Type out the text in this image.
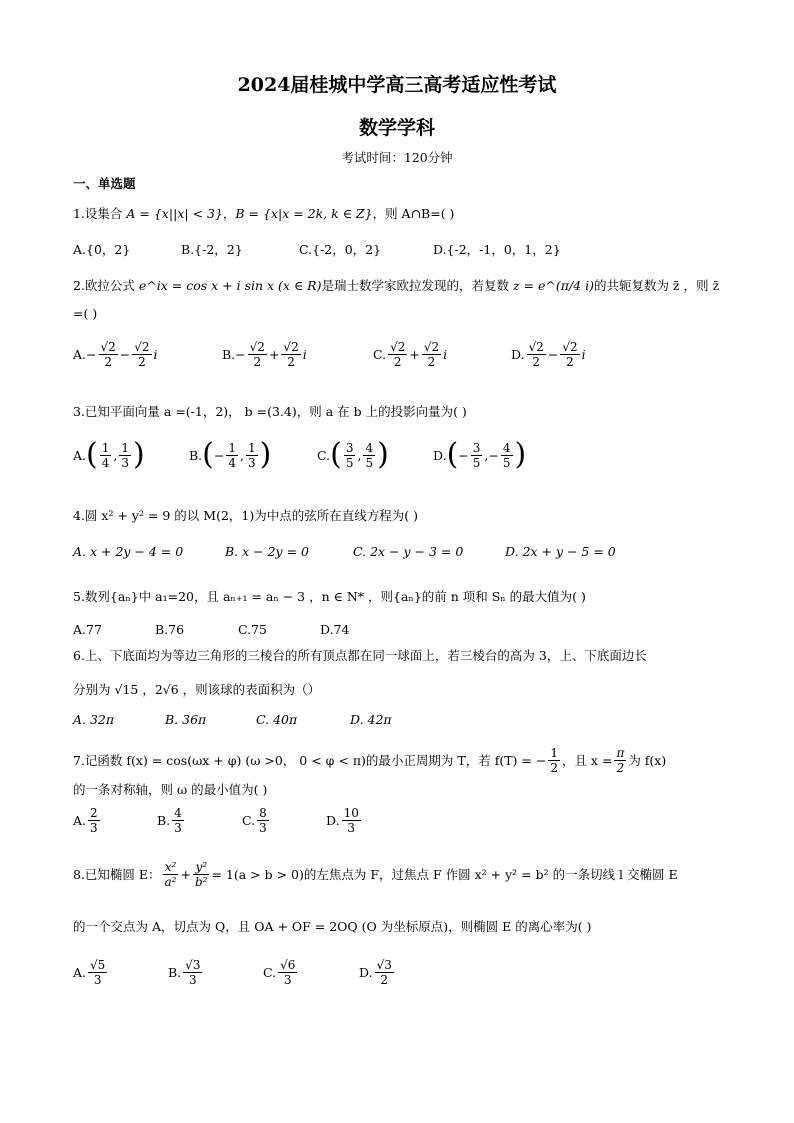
2024届桂城中学高三高考适应性考试
数学学科
考试时间：120分钟
一、单选题
1.设集合 A = {x||x| < 3}，B = {x|x = 2k, k ∈ Z}，则 A∩B=( )
A.{0，2}	B.{-2，2}	C.{-2，0，2}	D.{-2，-1，0，1，2}
2.欧拉公式 e^ix = cos x + i sin x (x ∈ R)是瑞士数学家欧拉发现的，若复数 z = e^(π/4 i)的共轭复数为 z̄ ，则 z̄
=( )
A. − $\frac{√2}{2} - \frac{√2}{2}$ i	B. − $\frac{√2}{2} + \frac{√2}{2}$ i	C. $\frac{√2}{2} + \frac{√2}{2}$ i	D. $\frac{√2}{2} - \frac{√2}{2}$ i
3.已知平面向量 a =(-1，2)， b =(3.4)，则 a 在 b 上的投影向量为( )
A. ( $\frac{1}{4}$ , $\frac{1}{3}$ )	B. ( − $\frac{1}{4}$ , $\frac{1}{3}$ )	C. ( $\frac{3}{5}$ , $\frac{4}{5}$ )	D. ( − $\frac{3}{5}$ , − $\frac{4}{5}$ )
4.圆 x² + y² = 9 的以 M(2，1)为中点的弦所在直线方程为( )
A. x + 2y − 4 = 0	B. x − 2y = 0	C. 2x − y − 3 = 0	D. 2x + y − 5 = 0
5.数列{aₙ}中 a₁=20，且 aₙ₊₁ = aₙ − 3 ，n ∈ N* ，则{aₙ}的前 n 项和 Sₙ 的最大值为( )
A.77	B.76	C.75	D.74
6.上、下底面均为等边三角形的三棱台的所有顶点都在同一球面上，若三棱台的高为 3，上、下底面边长
分别为 √15 ，2√6 ，则该球的表面积为（）
A. 32π	B. 36π	C. 40π	D. 42π
7.记函数 f(x) = cos(ωx + φ) (ω >0， 0 < φ < π)的最小正周期为 T，若 f(T) = − $\frac{1}{2}$ ，且 $x = \frac{\pi}{2}$ 为 f(x)
的一条对称轴，则 ω 的最小值为( )
A. $\frac{2}{3}$	B. $\frac{4}{3}$	C. $\frac{8}{3}$	D. $\frac{10}{3}$
8.已知椭圆 E： $\frac{\text{x²}}{\text{a²}} + \frac{\text{y²}}{\text{b²}} = 1(a > b > 0)$的左焦点为 F，过焦点 F 作圆 x² + y² = b² 的一条切线 l 交椭圆 E
的一个交点为 A，切点为 Q，且 OA + OF = 2OQ (O 为坐标原点)，则椭圆 E 的离心率为( )
A. $\frac{√5}{3}$	B. $\frac{√3}{3}$	C. $\frac{√6}{3}$	D. $\frac{√3}{2}$
